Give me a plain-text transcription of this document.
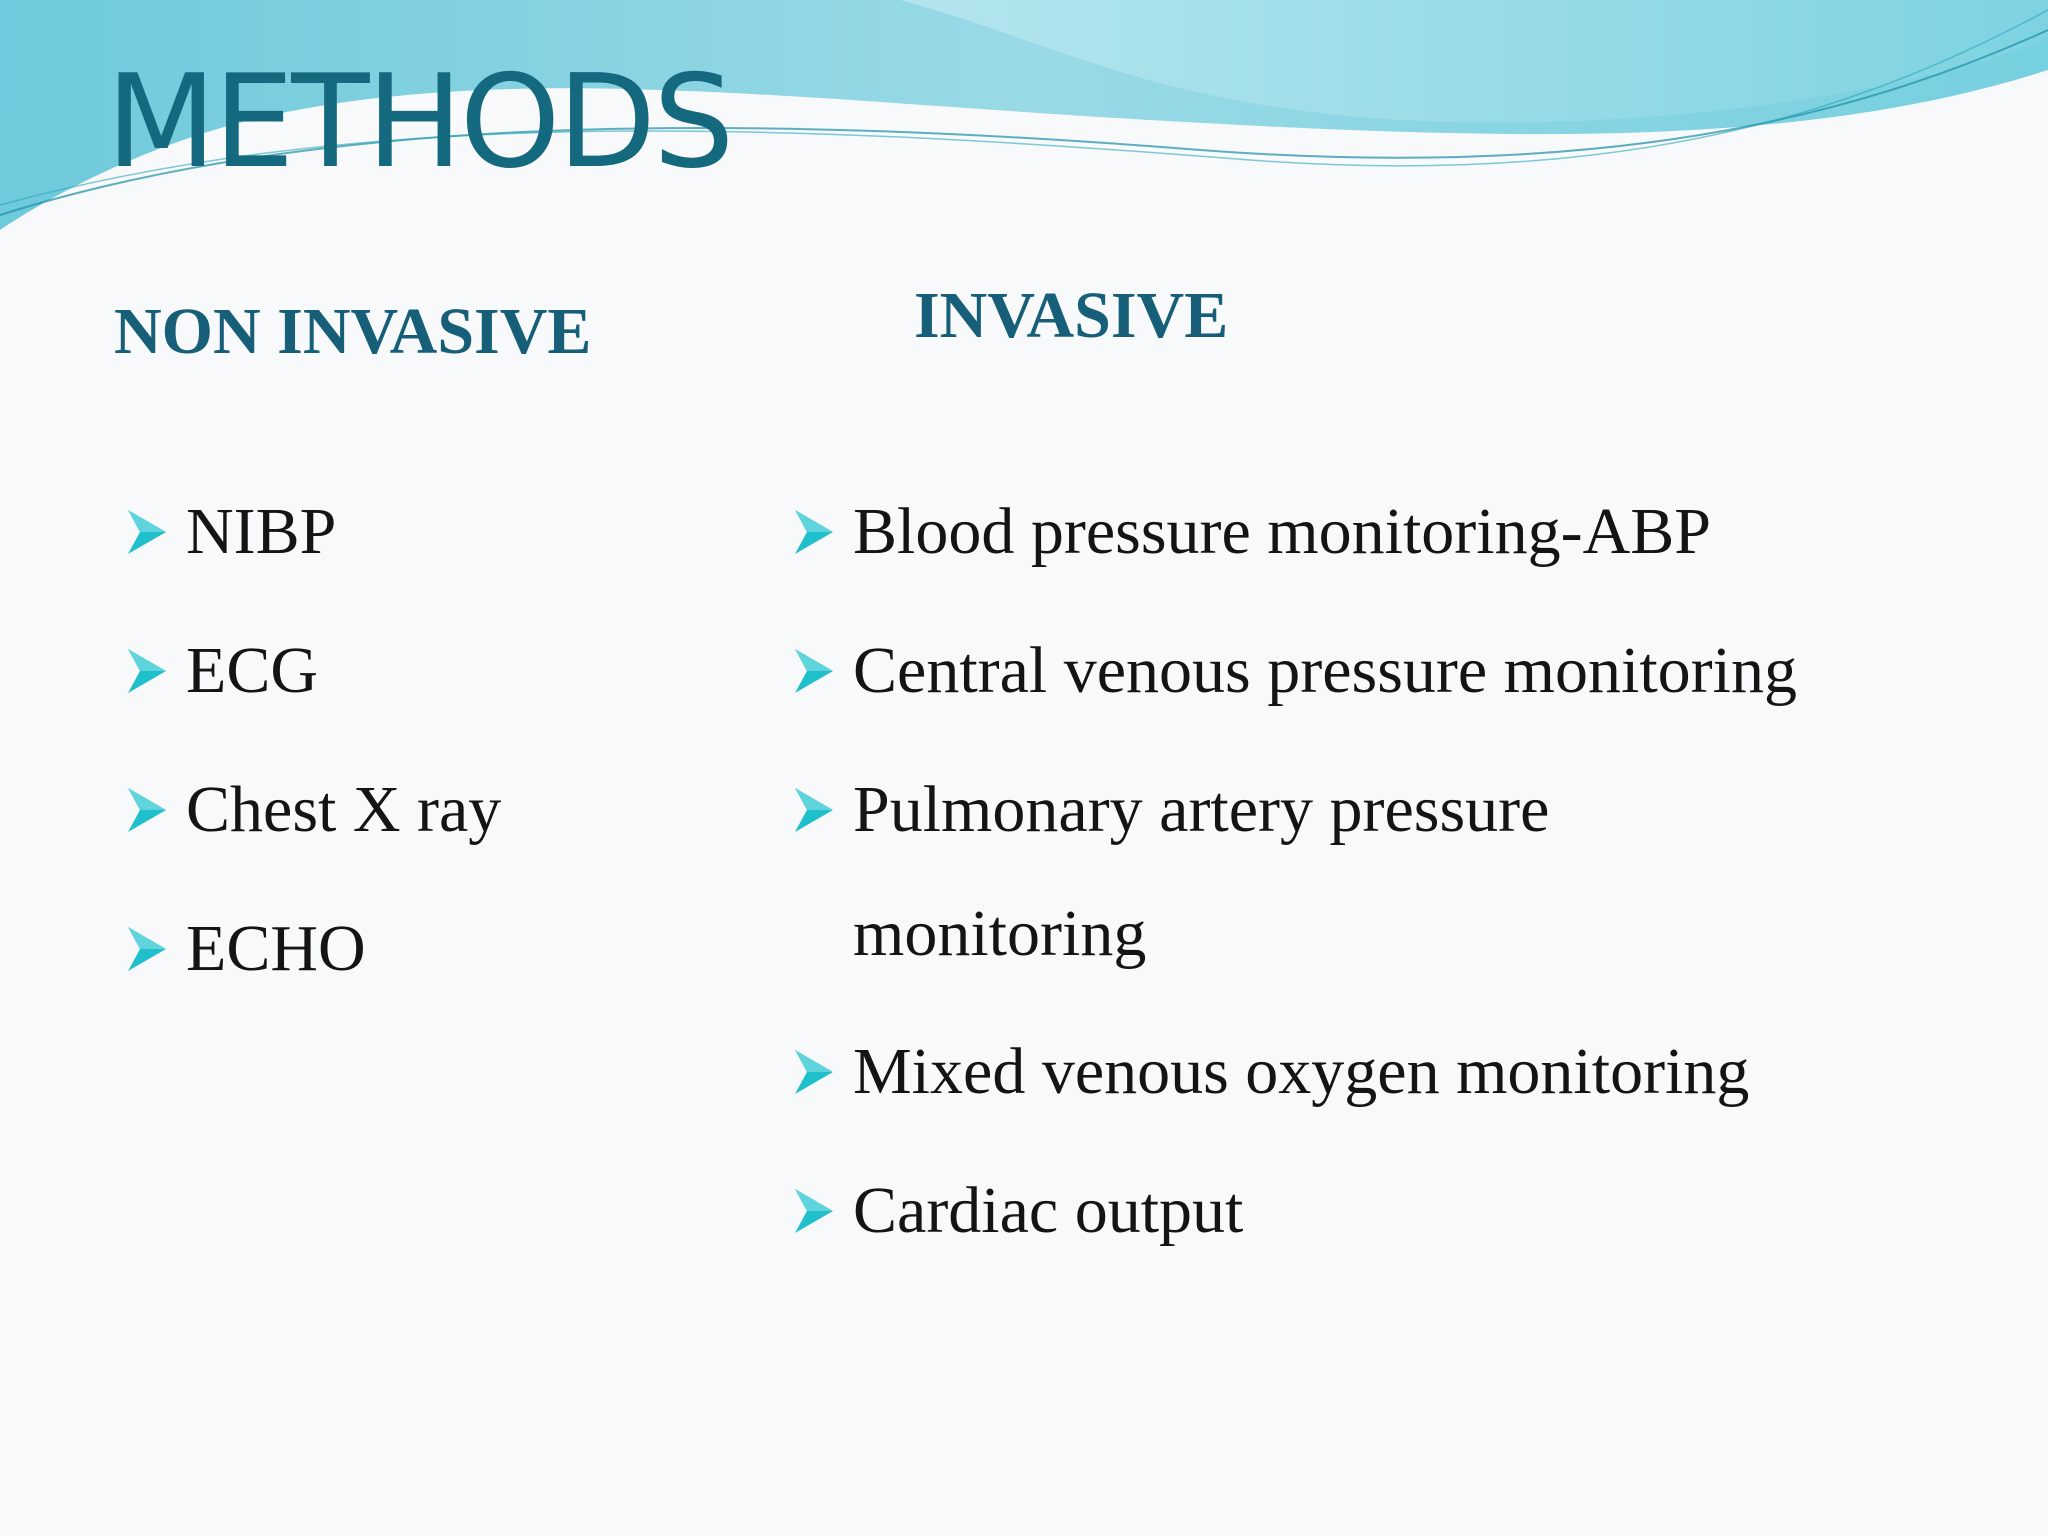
METHODS
NON INVASIVE	INVASIVE
NIBP
ECG
Chest X ray
ECHO
Blood pressure monitoring-ABP
Central venous pressure monitoring
Pulmonary artery pressure monitoring
Mixed venous oxygen monitoring
Cardiac output
